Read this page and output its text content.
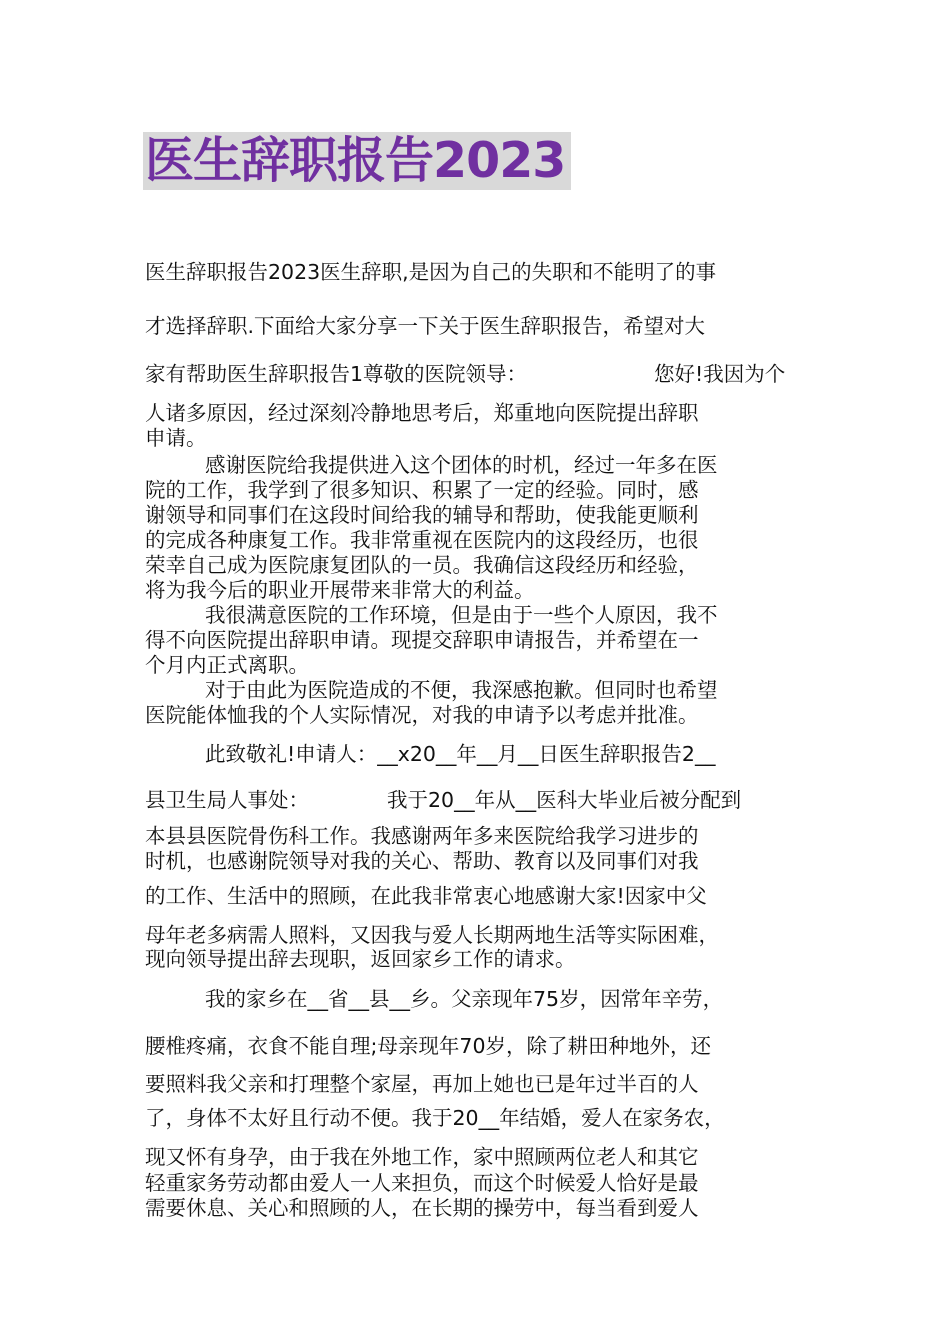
医生辞职报告2023
医生辞职报告2023医生辞职,是因为自己的失职和不能明了的事
才选择辞职.下面给大家分享一下关于医生辞职报告，希望对大
家有帮助医生辞职报告1尊敬的医院领导：	您好!我因为个
人诸多原因，经过深刻冷静地思考后，郑重地向医院提出辞职
申请。
感谢医院给我提供进入这个团体的时机，经过一年多在医
院的工作，我学到了很多知识、积累了一定的经验。同时，感
谢领导和同事们在这段时间给我的辅导和帮助，使我能更顺利
的完成各种康复工作。我非常重视在医院内的这段经历，也很
荣幸自己成为医院康复团队的一员。我确信这段经历和经验，
将为我今后的职业开展带来非常大的利益。
我很满意医院的工作环境，但是由于一些个人原因，我不
得不向医院提出辞职申请。现提交辞职申请报告，并希望在一
个月内正式离职。
对于由此为医院造成的不便，我深感抱歉。但同时也希望
医院能体恤我的个人实际情况，对我的申请予以考虑并批准。
此致敬礼!申请人：__x20__年__月__日医生辞职报告2__
县卫生局人事处：	我于20__年从__医科大毕业后被分配到
本县县医院骨伤科工作。我感谢两年多来医院给我学习进步的
时机，也感谢院领导对我的关心、帮助、教育以及同事们对我
的工作、生活中的照顾，在此我非常衷心地感谢大家!因家中父
母年老多病需人照料，又因我与爱人长期两地生活等实际困难，
现向领导提出辞去现职，返回家乡工作的请求。
我的家乡在__省__县__乡。父亲现年75岁，因常年辛劳，
腰椎疼痛，衣食不能自理;母亲现年70岁，除了耕田种地外，还
要照料我父亲和打理整个家屋，再加上她也已是年过半百的人
了，身体不太好且行动不便。我于20__年结婚，爱人在家务农，
现又怀有身孕，由于我在外地工作，家中照顾两位老人和其它
轻重家务劳动都由爱人一人来担负，而这个时候爱人恰好是最
需要休息、关心和照顾的人，在长期的操劳中，每当看到爱人
